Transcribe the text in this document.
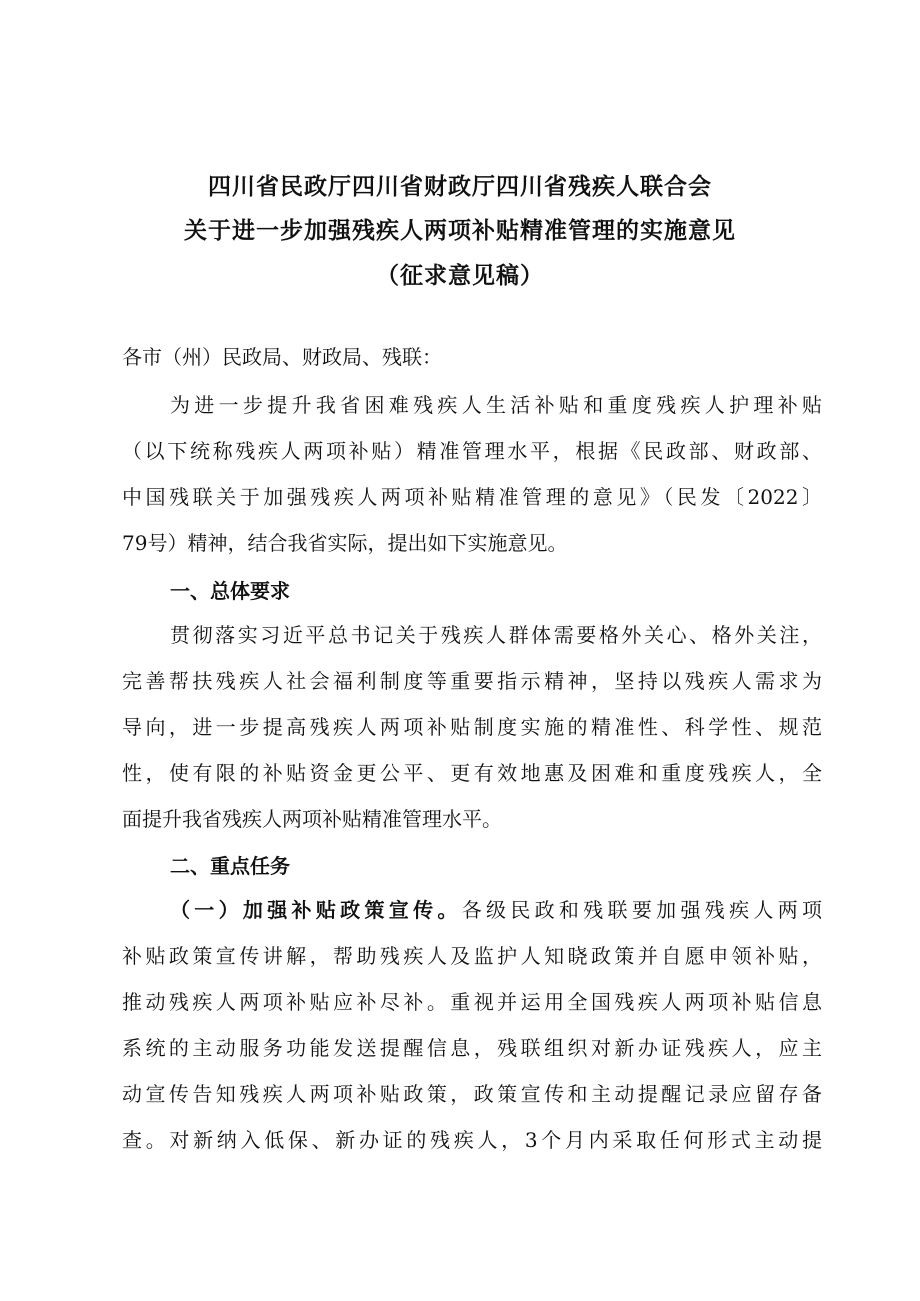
四川省民政厅四川省财政厅四川省残疾人联合会
关于进一步加强残疾人两项补贴精准管理的实施意见
（征求意见稿）
各市（州）民政局、财政局、残联：
为进一步提升我省困难残疾人生活补贴和重度残疾人护理补贴
（以下统称残疾人两项补贴）精准管理水平，根据《民政部、财政部、
中国残联关于加强残疾人两项补贴精准管理的意见》（民发〔2022〕
79号）精神，结合我省实际，提出如下实施意见。
一、总体要求
贯彻落实习近平总书记关于残疾人群体需要格外关心、格外关注，
完善帮扶残疾人社会福利制度等重要指示精神，坚持以残疾人需求为
导向，进一步提高残疾人两项补贴制度实施的精准性、科学性、规范
性，使有限的补贴资金更公平、更有效地惠及困难和重度残疾人，全
面提升我省残疾人两项补贴精准管理水平。
二、重点任务
（一）加强补贴政策宣传。各级民政和残联要加强残疾人两项
补贴政策宣传讲解，帮助残疾人及监护人知晓政策并自愿申领补贴，
推动残疾人两项补贴应补尽补。重视并运用全国残疾人两项补贴信息
系统的主动服务功能发送提醒信息，残联组织对新办证残疾人，应主
动宣传告知残疾人两项补贴政策，政策宣传和主动提醒记录应留存备
查。对新纳入低保、新办证的残疾人，3个月内采取任何形式主动提
